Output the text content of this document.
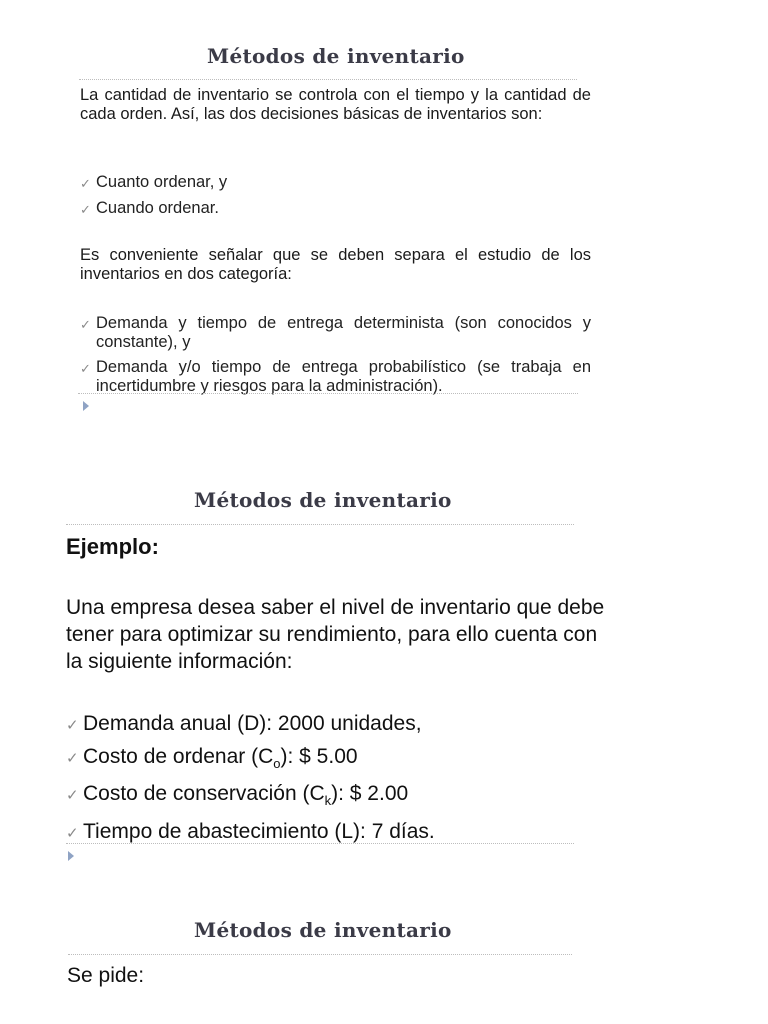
Métodos de inventario

La cantidad de inventario se controla con el tiempo y la cantidad de cada orden. Así, las dos decisiones básicas de inventarios son:

✓ Cuanto ordenar, y
✓ Cuando ordenar.

Es conveniente señalar que se deben separa el estudio de los inventarios en dos categoría:

✓ Demanda y tiempo de entrega determinista (son conocidos y constante), y
✓ Demanda y/o tiempo de entrega probabilístico (se trabaja en incertidumbre y riesgos para la administración).
Métodos de inventario
Ejemplo:

Una empresa desea saber el nivel de inventario que debe tener para optimizar su rendimiento, para ello cuenta con la siguiente información:

✓ Demanda anual (D): 2000 unidades,
✓ Costo de ordenar $(C_o)$: $ 5.00
✓ Costo de conservación $(C_k)$: $ 2.00
✓ Tiempo de abastecimiento (L): 7 días.
Métodos de inventario

Se pide:
